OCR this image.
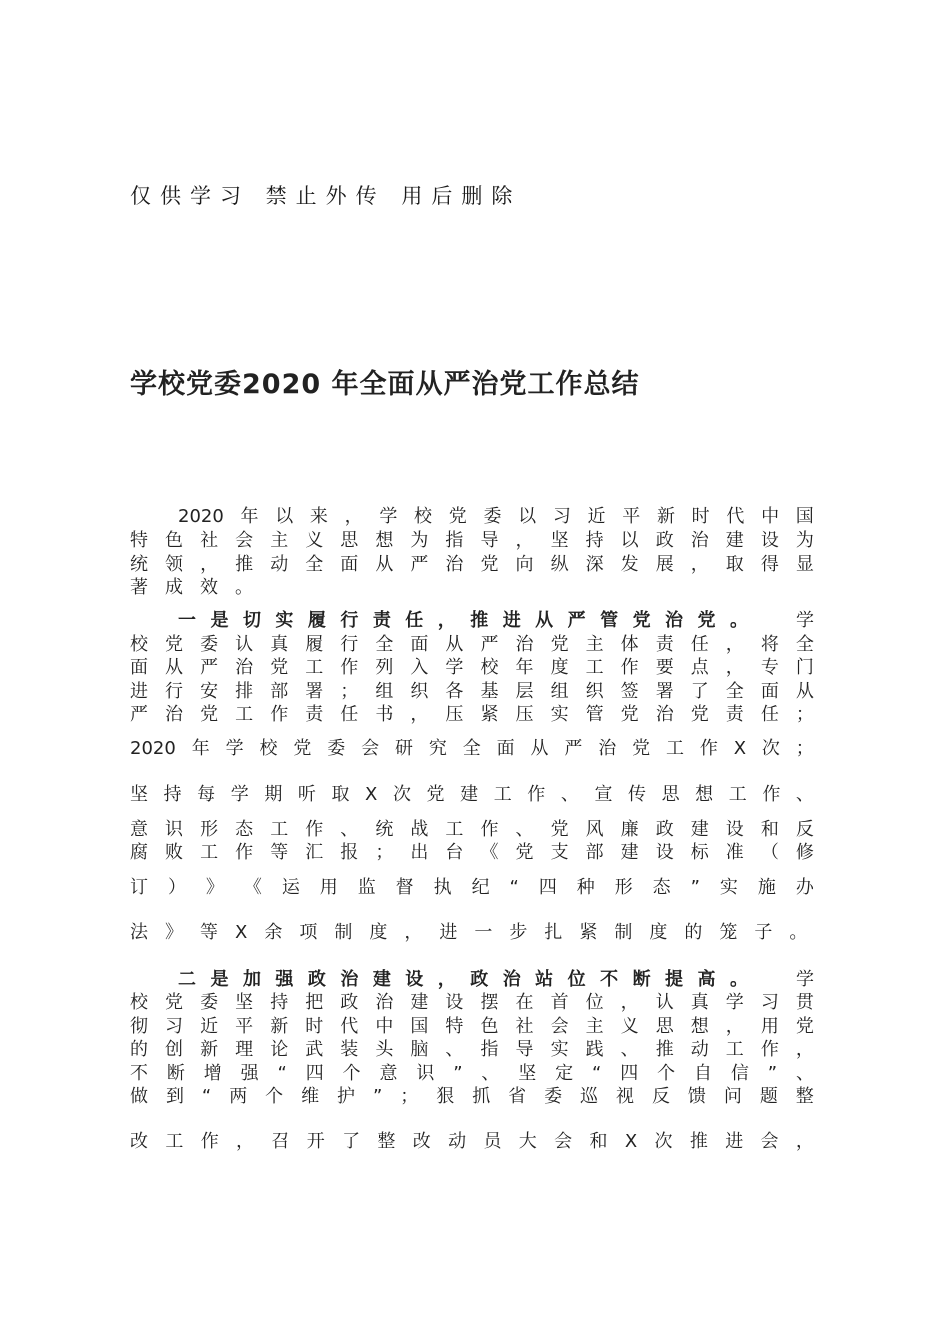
仅供学习 禁止外传 用后删除
学校党委2020 年全面从严治党工作总结
2020 年 以 来 ， 学 校 党 委 以 习 近 平 新 时 代 中 国
特 色 社 会 主 义 思 想 为 指 导 ， 坚 持 以 政 治 建 设 为
统 领 ， 推 动 全 面 从 严 治 党 向 纵 深 发 展 ， 取 得 显
著 成 效 。
一 是 切 实 履 行 责 任 ， 推 进 从 严 管 党 治 党 。	学
校 党 委 认 真 履 行 全 面 从 严 治 党 主 体 责 任 ， 将 全
面 从 严 治 党 工 作 列 入 学 校 年 度 工 作 要 点 ， 专 门
进 行 安 排 部 署 ； 组 织 各 基 层 组 织 签 署 了 全 面 从
严 治 党 工 作 责 任 书 ， 压 紧 压 实 管 党 治 党 责 任 ；
2020 年 学 校 党 委 会 研 究 全 面 从 严 治 党 工 作 X 次 ；
坚 持 每 学 期 听 取 X 次 党 建 工 作 、 宣 传 思 想 工 作 、
意 识 形 态 工 作 、 统 战 工 作 、 党 风 廉 政 建 设 和 反
腐 败 工 作 等 汇 报 ； 出 台 《 党 支 部 建 设 标 准 （ 修
订 ） 》 《 运 用 监 督 执 纪 “ 四 种 形 态 ” 实 施 办
法 》 等 X 余 项 制 度 ， 进 一 步 扎 紧 制 度 的 笼 子 。
二 是 加 强 政 治 建 设 ， 政 治 站 位 不 断 提 高 。	学
校 党 委 坚 持 把 政 治 建 设 摆 在 首 位 ， 认 真 学 习 贯
彻 习 近 平 新 时 代 中 国 特 色 社 会 主 义 思 想 ， 用 党
的 创 新 理 论 武 装 头 脑 、 指 导 实 践 、 推 动 工 作 ，
不 断 增 强 “ 四 个 意 识 ” 、 坚 定 “ 四 个 自 信 ” 、
做 到 “ 两 个 维 护 ” ； 狠 抓 省 委 巡 视 反 馈 问 题 整
改 工 作 ， 召 开 了 整 改 动 员 大 会 和 X 次 推 进 会 ，
